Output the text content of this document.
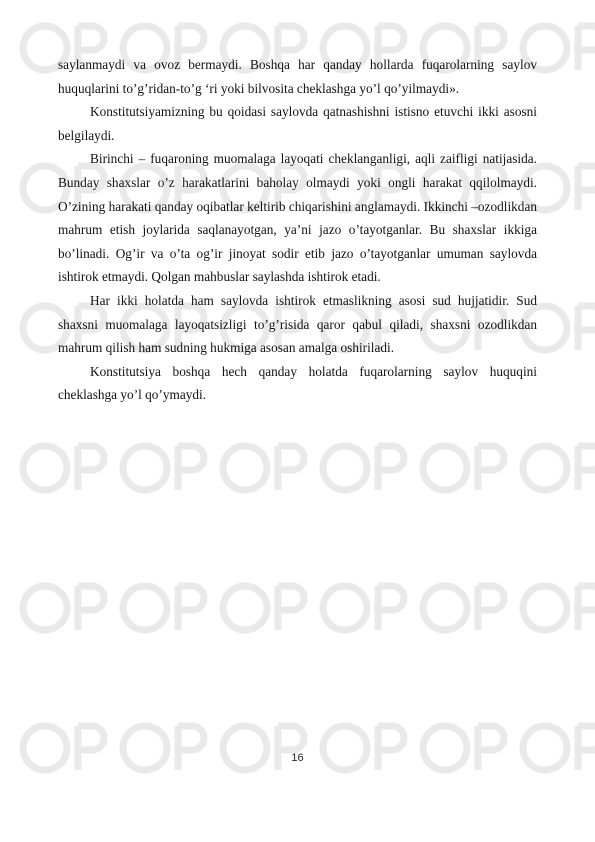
saylanmaydi va ovoz bermaydi. Boshqa har qanday hollarda fuqarolarning saylov huquqlarini to’g’ridan-to’g ‘ri yoki bilvosita cheklashga yo’l qo’yilmaydi».

Konstitutsiyamizning bu qoidasi saylovda qatnashishni istisno etuvchi ikki asosni belgilaydi.

Birinchi – fuqaroning muomalaga layoqati cheklanganligi, aqli zaifligi natijasida. Bunday shaxslar o’z harakatlarini baholay olmaydi yoki ongli harakat qqilolmaydi. O’zining harakati qanday oqibatlar keltirib chiqarishini anglamaydi. Ikkinchi –ozodlikdan mahrum etish joylarida saqlanayotgan, ya’ni jazo o’tayotganlar. Bu shaxslar ikkiga bo’linadi. Og’ir va o’ta og’ir jinoyat sodir etib jazo o’tayotganlar umuman saylovda ishtirok etmaydi. Qolgan mahbuslar saylashda ishtirok etadi.

Har ikki holatda ham saylovda ishtirok etmaslikning asosi sud hujjatidir. Sud shaxsni muomalaga layoqatsizligi to’g’risida qaror qabul qiladi, shaxsni ozodlikdan mahrum qilish ham sudning hukmiga asosan amalga oshiriladi.

Konstitutsiya boshqa hech qanday holatda fuqarolarning saylov huquqini cheklashga yo’l qo’ymaydi.

16
